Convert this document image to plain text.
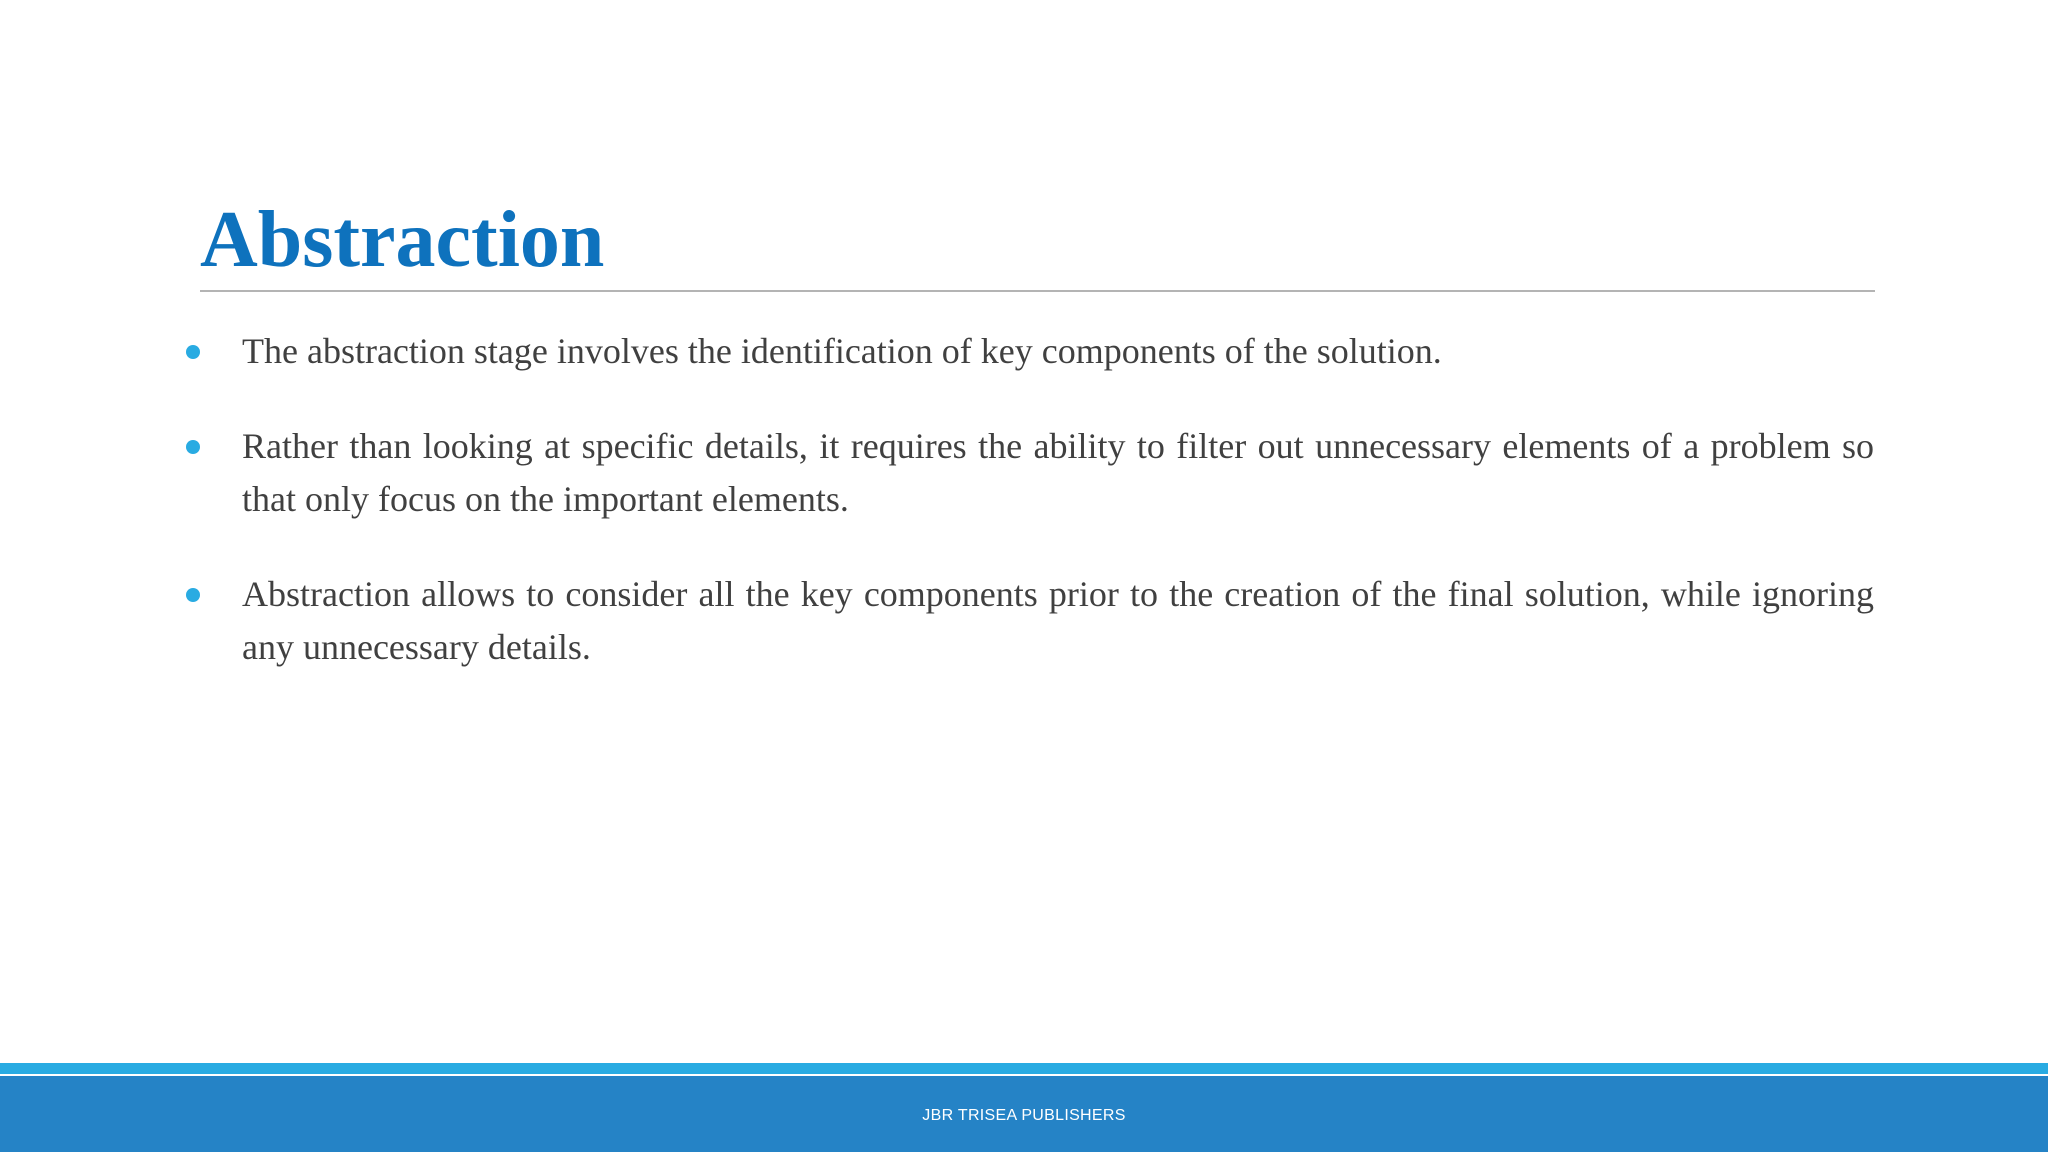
Abstraction
The abstraction stage involves the identification of key components of the solution.
Rather than looking at specific details, it requires the ability to filter out unnecessary elements of a problem so that only focus on the important elements.
Abstraction allows to consider all the key components prior to the creation of the final solution, while ignoring any unnecessary details.
JBR TRISEA PUBLISHERS
